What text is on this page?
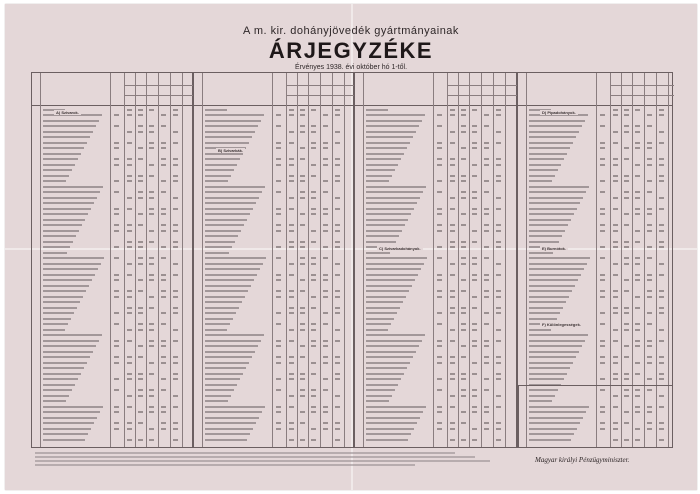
A m. kir. dohányjövedék gyártmányainak
ÁRJEGYZÉKE
Érvényes 1938. évi október hó 1-től.
A) Szivarok.
B) Szivarkák.
C) Szivarkadohányok.
D) Pipadohányok.
E) Burnótok.
F) Különlegességek.
Magyar királyi Pénzügyminiszter.
